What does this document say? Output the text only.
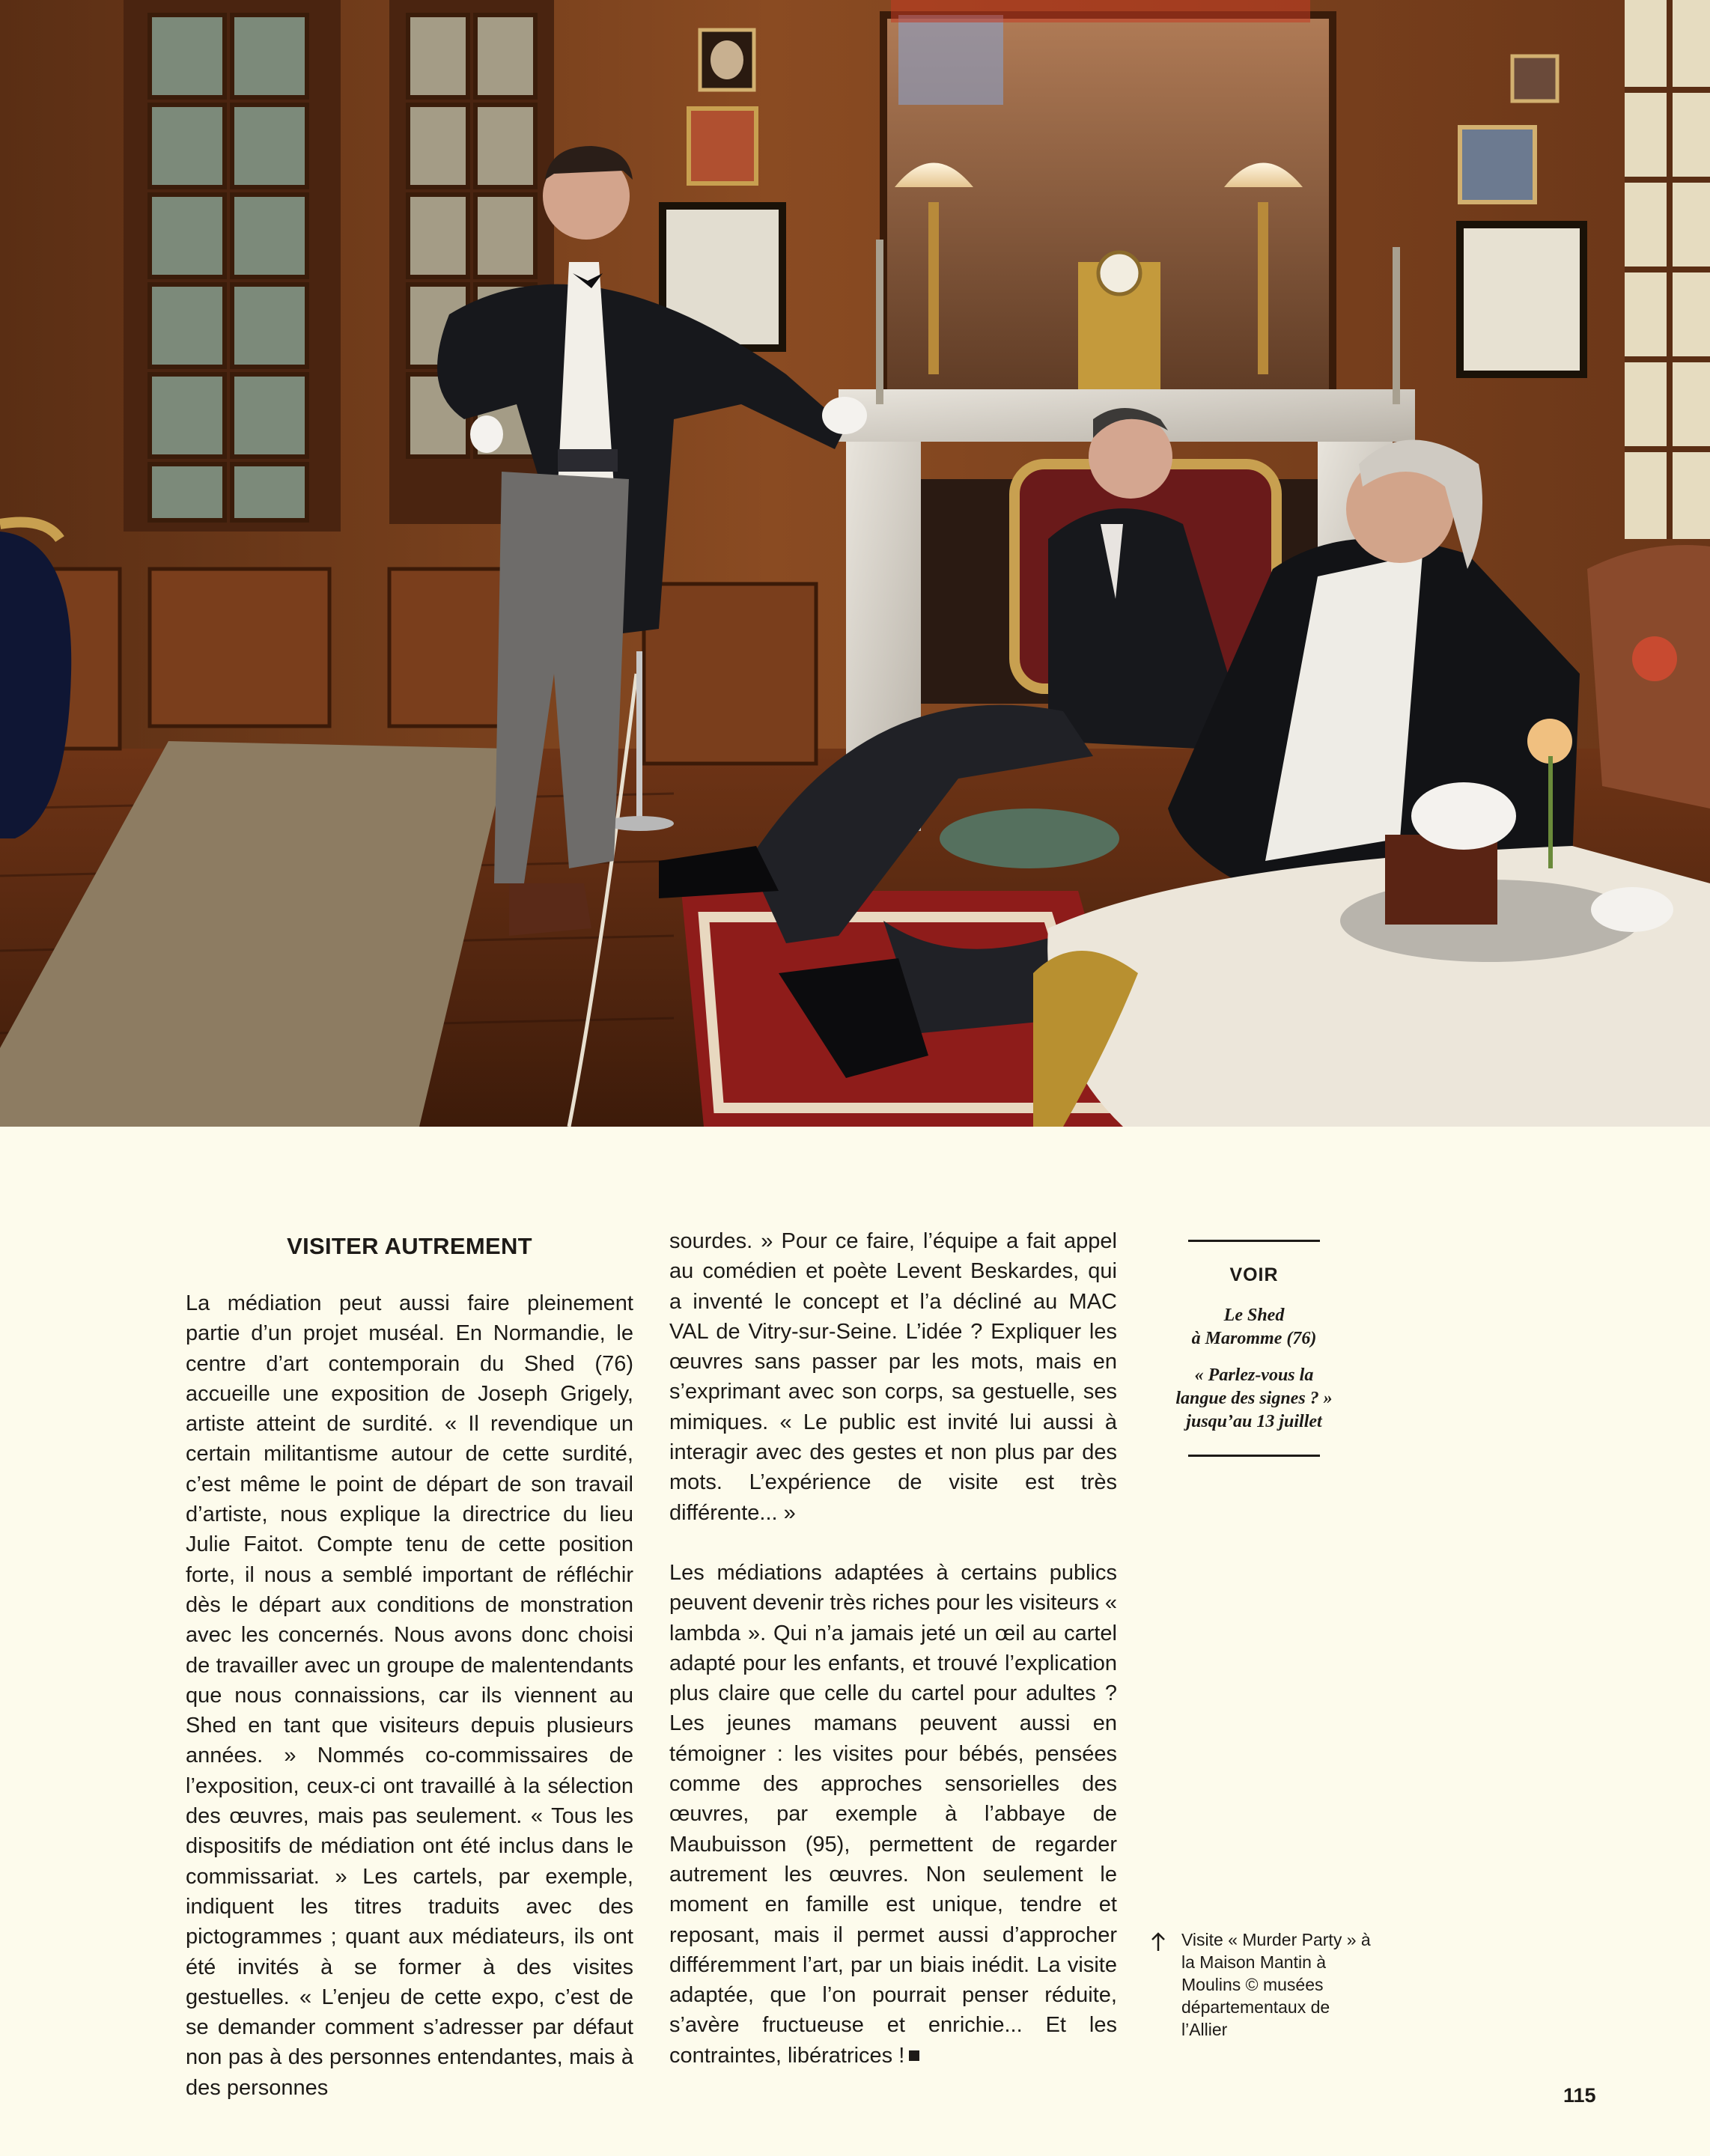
VISITER AUTREMENT

La médiation peut aussi faire pleinement partie d’un projet muséal. En Normandie, le centre d’art contemporain du Shed (76) accueille une exposition de Joseph Grigely, artiste atteint de surdité. « Il revendique un certain militantisme autour de cette surdité, c’est même le point de départ de son travail d’artiste, nous explique la directrice du lieu Julie Faitot. Compte tenu de cette position forte, il nous a semblé important de réfléchir dès le départ aux conditions de monstration avec les concernés. Nous avons donc choisi de travailler avec un groupe de malentendants que nous connaissions, car ils viennent au Shed en tant que visiteurs depuis plusieurs années. » Nommés co-commissaires de l’exposition, ceux-ci ont travaillé à la sélection des œuvres, mais pas seulement. « Tous les dispositifs de médiation ont été inclus dans le commissariat. » Les cartels, par exemple, indiquent les titres traduits avec des pictogrammes ; quant aux médiateurs, ils ont été invités à se former à des visites gestuelles. « L’enjeu de cette expo, c’est de se demander comment s’adresser par défaut non pas à des personnes entendantes, mais à des personnes

sourdes. » Pour ce faire, l’équipe a fait appel au comédien et poète Levent Beskardes, qui a inventé le concept et l’a décliné au MAC VAL de Vitry-sur-Seine. L’idée ? Expliquer les œuvres sans passer par les mots, mais en s’exprimant avec son corps, sa gestuelle, ses mimiques. « Le public est invité lui aussi à interagir avec des gestes et non plus par des mots. L’expérience de visite est très différente... »

Les médiations adaptées à certains publics peuvent devenir très riches pour les visiteurs « lambda ». Qui n’a jamais jeté un œil au cartel adapté pour les enfants, et trouvé l’explication plus claire que celle du cartel pour adultes ? Les jeunes mamans peuvent aussi en témoigner : les visites pour bébés, pensées comme des approches sensorielles des œuvres, par exemple à l’abbaye de Maubuisson (95), permettent de regarder autrement les œuvres. Non seulement le moment en famille est unique, tendre et reposant, mais il permet aussi d’approcher différemment l’art, par un biais inédit. La visite adaptée, que l’on pourrait penser réduite, s’avère fructueuse et enrichie... Et les contraintes, libératrices !

VOIR
Le Shed
à Maromme (76)
« Parlez-vous la
langue des signes ? »
jusqu’au 13 juillet
Visite « Murder Party » à la Maison Mantin à Moulins © musées départementaux de l’Allier
115
